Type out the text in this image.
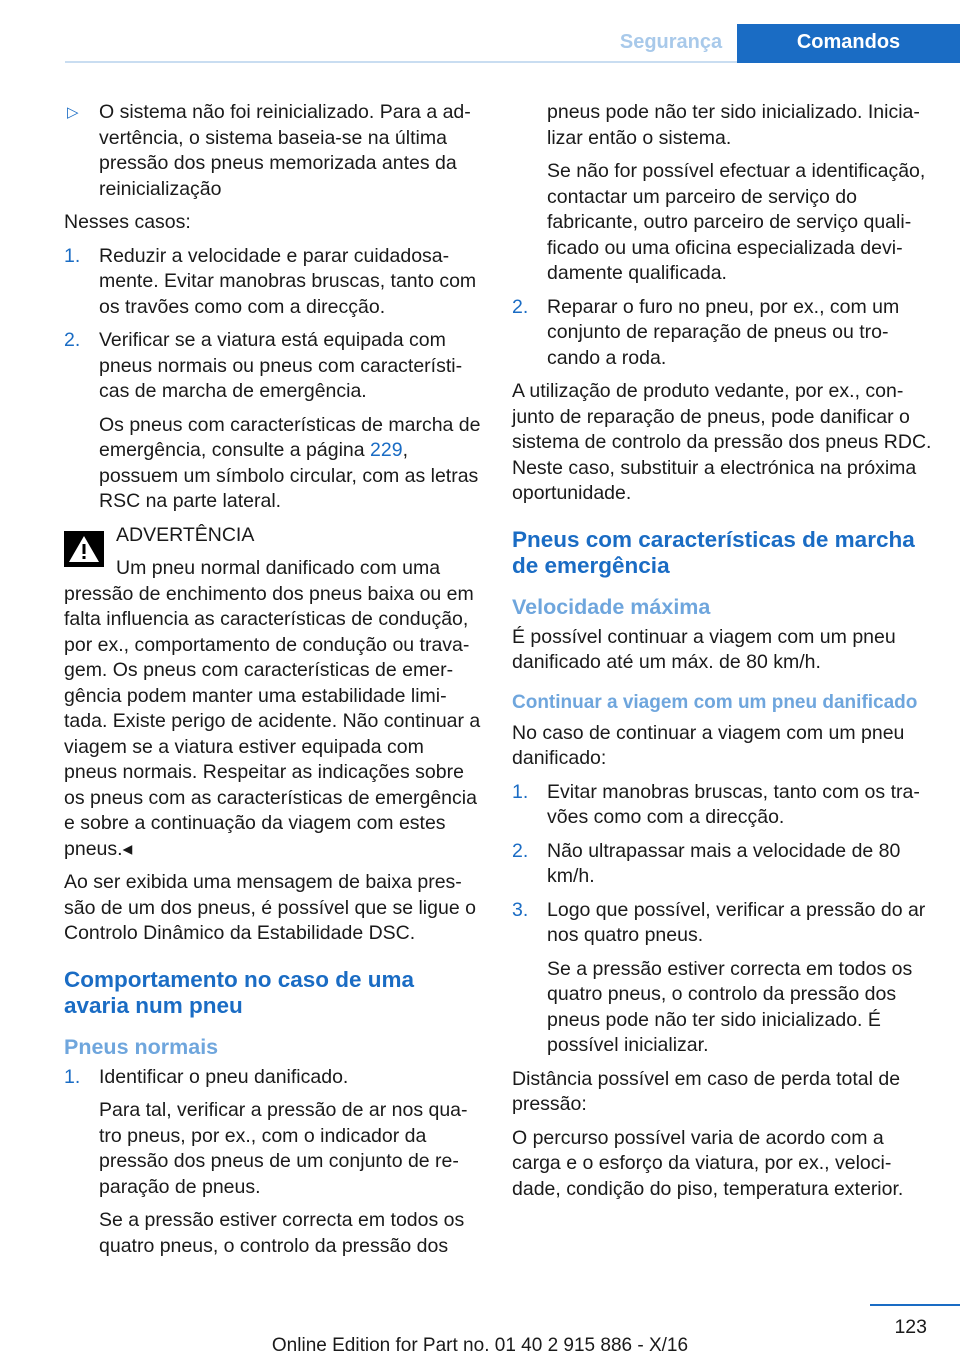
Segurança	Comandos
▷ O sistema não foi reinicializado. Para a advertência, o sistema baseia-se na última pressão dos pneus memorizada antes da reinicialização

Nesses casos:

1. Reduzir a velocidade e parar cuidadosamente. Evitar manobras bruscas, tanto com os travões como com a direcção.
2. Verificar se a viatura está equipada com pneus normais ou pneus com características de marcha de emergência.
Os pneus com características de marcha de emergência, consulte a página 229, possuem um símbolo circular, com as letras RSC na parte lateral.
ADVERTÊNCIA
Um pneu normal danificado com uma

pressão de enchimento dos pneus baixa ou em falta influencia as características de condução, por ex., comportamento de condução ou travagem. Os pneus com características de emergência podem manter uma estabilidade limitada. Existe perigo de acidente. Não continuar a viagem se a viatura estiver equipada com pneus normais. Respeitar as indicações sobre os pneus com as características de emergência e sobre a continuação da viagem com estes pneus.◂

Ao ser exibida uma mensagem de baixa pressão de um dos pneus, é possível que se ligue o Controlo Dinâmico da Estabilidade DSC.

Comportamento no caso de uma avaria num pneu
Pneus normais
1. Identificar o pneu danificado.
Para tal, verificar a pressão de ar nos quatro pneus, por ex., com o indicador da pressão dos pneus de um conjunto de reparação de pneus.
Se a pressão estiver correcta em todos os quatro pneus, o controlo da pressão dos
pneus pode não ter sido inicializado. Inicializar então o sistema.
Se não for possível efectuar a identificação, contactar um parceiro de serviço do fabricante, outro parceiro de serviço qualificado ou uma oficina especializada devidamente qualificada.
2. Reparar o furo no pneu, por ex., com um conjunto de reparação de pneus ou trocando a roda.

A utilização de produto vedante, por ex., conjunto de reparação de pneus, pode danificar o sistema de controlo da pressão dos pneus RDC. Neste caso, substituir a electrónica na próxima oportunidade.

Pneus com características de marcha de emergência
Velocidade máxima

É possível continuar a viagem com um pneu danificado até um máx. de 80 km/h.

Continuar a viagem com um pneu danificado

No caso de continuar a viagem com um pneu danificado:

1. Evitar manobras bruscas, tanto com os travões como com a direcção.
2. Não ultrapassar mais a velocidade de 80 km/h.
3. Logo que possível, verificar a pressão do ar nos quatro pneus.
Se a pressão estiver correcta em todos os quatro pneus, o controlo da pressão dos pneus pode não ter sido inicializado. É possível inicializar.

Distância possível em caso de perda total de pressão:

O percurso possível varia de acordo com a carga e o esforço da viatura, por ex., velocidade, condição do piso, temperatura exterior.

123
Online Edition for Part no. 01 40 2 915 886 - X/16
